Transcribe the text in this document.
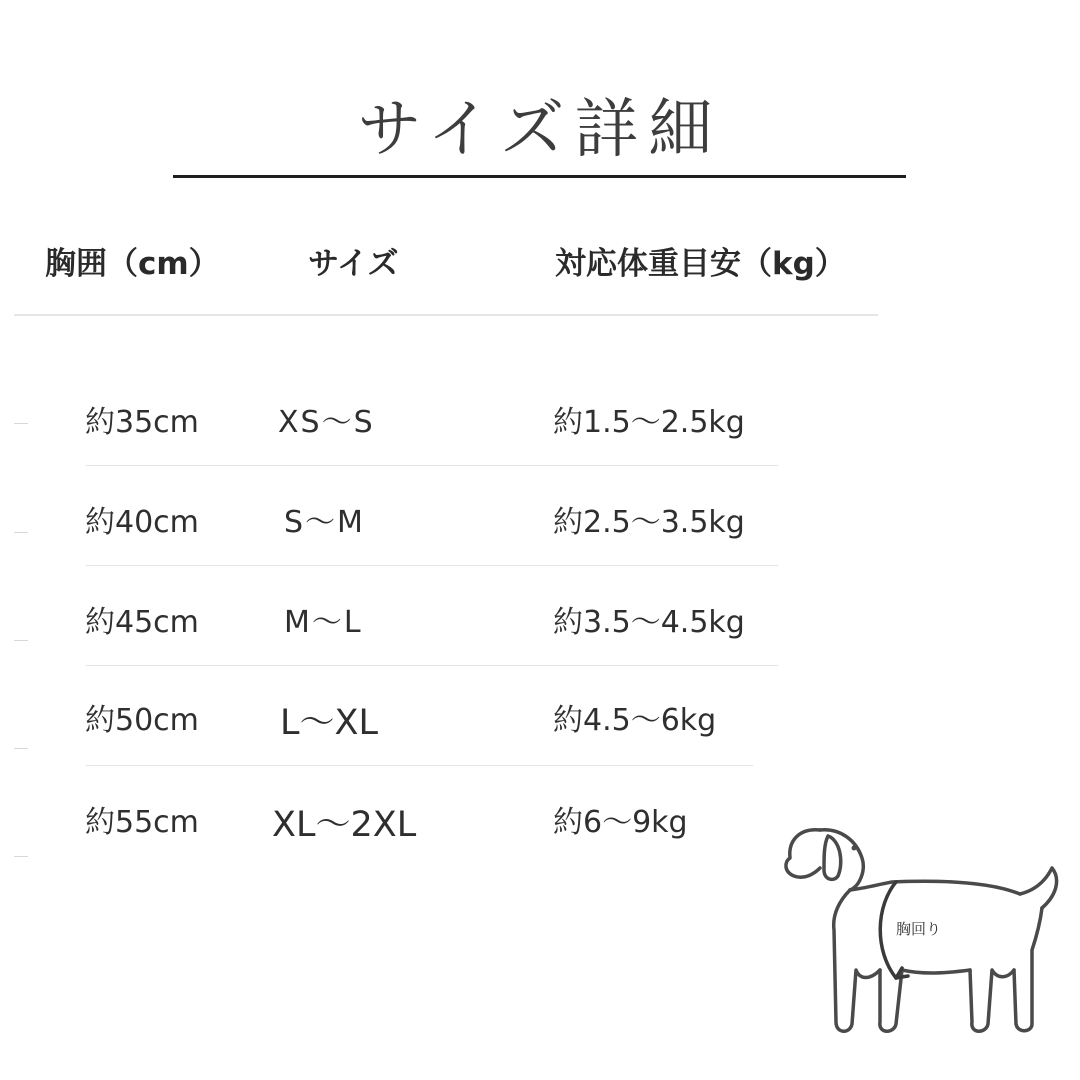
サイズ詳細
胸囲（cm）	サイズ	対応体重目安（kg）
約35cm	XS～S	約1.5～2.5kg
約40cm	S～M	約2.5～3.5kg
約45cm	M～L	約3.5～4.5kg
約50cm L～XL	約4.5～6kg
約55cm XL～2XL	約6～9kg
胸回り
